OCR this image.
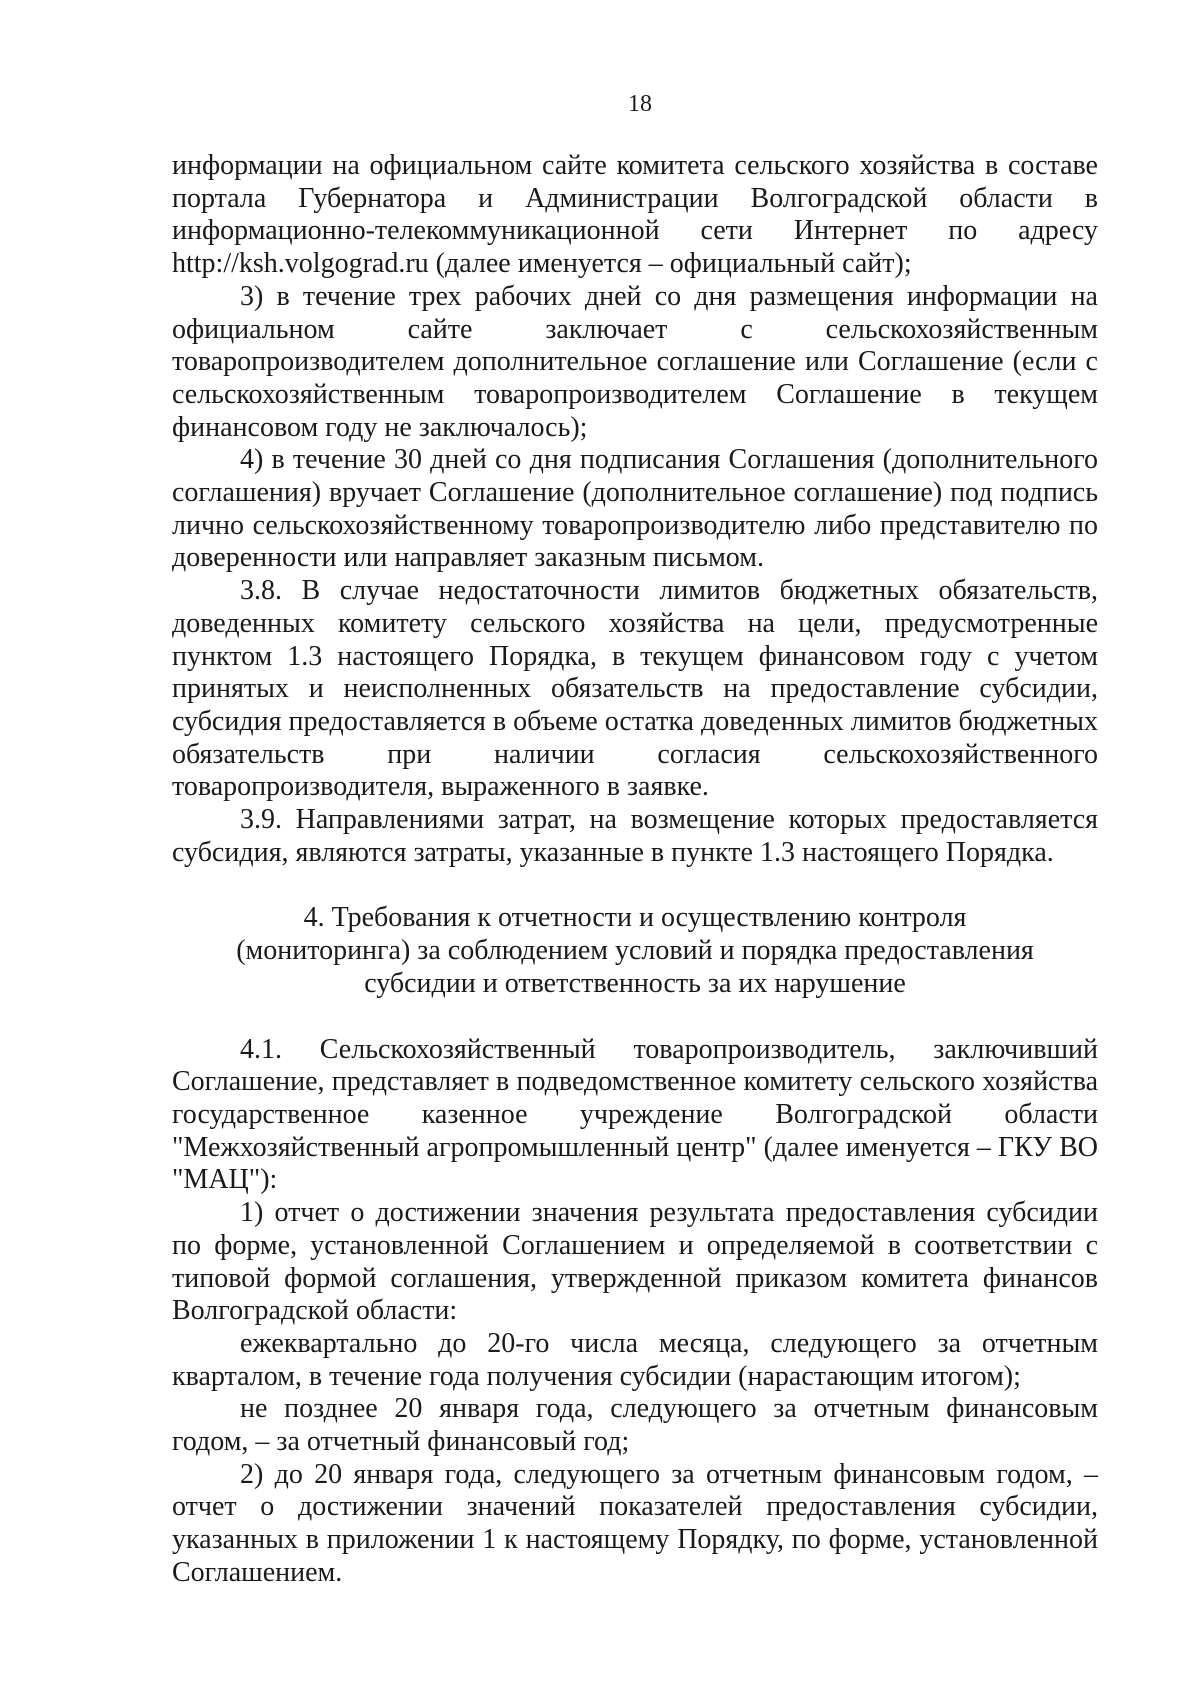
18

информации на официальном сайте комитета сельского хозяйства в составе портала Губернатора и Администрации Волгоградской области в информационно-телекоммуникационной сети Интернет по адресу http://ksh.volgograd.ru (далее именуется – официальный сайт);

3) в течение трех рабочих дней со дня размещения информации на официальном сайте заключает с сельскохозяйственным товаропроизводителем дополнительное соглашение или Соглашение (если с сельскохозяйственным товаропроизводителем Соглашение в текущем финансовом году не заключалось);

4) в течение 30 дней со дня подписания Соглашения (дополнительного соглашения) вручает Соглашение (дополнительное соглашение) под подпись лично сельскохозяйственному товаропроизводителю либо представителю по доверенности или направляет заказным письмом.

3.8. В случае недостаточности лимитов бюджетных обязательств, доведенных комитету сельского хозяйства на цели, предусмотренные пунктом 1.3 настоящего Порядка, в текущем финансовом году с учетом принятых и неисполненных обязательств на предоставление субсидии, субсидия предоставляется в объеме остатка доведенных лимитов бюджетных обязательств при наличии согласия сельскохозяйственного товаропроизводителя, выраженного в заявке.

3.9. Направлениями затрат, на возмещение которых предоставляется субсидия, являются затраты, указанные в пункте 1.3 настоящего Порядка.

4. Требования к отчетности и осуществлению контроля
(мониторинга) за соблюдением условий и порядка предоставления
субсидии и ответственность за их нарушение

4.1. Сельскохозяйственный товаропроизводитель, заключивший Соглашение, представляет в подведомственное комитету сельского хозяйства государственное казенное учреждение Волгоградской области "Межхозяйственный агропромышленный центр" (далее именуется – ГКУ ВО "МАЦ"):

1) отчет о достижении значения результата предоставления субсидии по форме, установленной Соглашением и определяемой в соответствии с типовой формой соглашения, утвержденной приказом комитета финансов Волгоградской области:

ежеквартально до 20-го числа месяца, следующего за отчетным кварталом, в течение года получения субсидии (нарастающим итогом);

не позднее 20 января года, следующего за отчетным финансовым годом, – за отчетный финансовый год;

2) до 20 января года, следующего за отчетным финансовым годом, – отчет о достижении значений показателей предоставления субсидии, указанных в приложении 1 к настоящему Порядку, по форме, установленной Соглашением.
